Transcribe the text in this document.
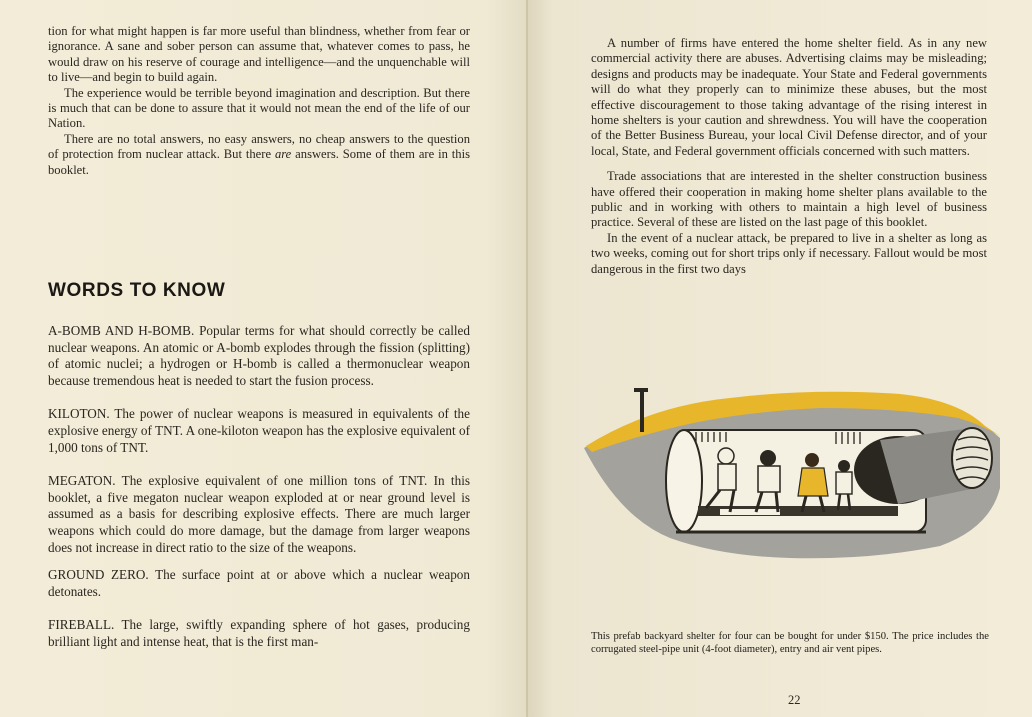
tion for what might happen is far more useful than blindness, whether from fear or ignorance. A sane and sober person can assume that, whatever comes to pass, he would draw on his reserve of courage and intelligence—and the unquenchable will to live—and begin to build again.

The experience would be terrible beyond imagination and description. But there is much that can be done to assure that it would not mean the end of the life of our Nation.

There are no total answers, no easy answers, no cheap answers to the question of protection from nuclear attack. But there are answers. Some of them are in this booklet.

WORDS TO KNOW

A-BOMB AND H-BOMB. Popular terms for what should correctly be called nuclear weapons. An atomic or A-bomb explodes through the fission (splitting) of atomic nuclei; a hydrogen or H-bomb is called a thermonuclear weapon because tremendous heat is needed to start the fusion process.

KILOTON. The power of nuclear weapons is measured in equivalents of the explosive energy of TNT. A one-kiloton weapon has the explosive equivalent of 1,000 tons of TNT.

MEGATON. The explosive equivalent of one million tons of TNT. In this booklet, a five megaton nuclear weapon exploded at or near ground level is assumed as a basis for describing explosive effects. There are much larger weapons which could do more damage, but the damage from larger weapons does not increase in direct ratio to the size of the weapons.

GROUND ZERO. The surface point at or above which a nuclear weapon detonates.

FIREBALL. The large, swiftly expanding sphere of hot gases, producing brilliant light and intense heat, that is the first man-

A number of firms have entered the home shelter field. As in any new commercial activity there are abuses. Advertising claims may be misleading; designs and products may be inadequate. Your State and Federal governments will do what they properly can to minimize these abuses, but the most effective discouragement to those taking advantage of the rising interest in home shelters is your caution and shrewdness. You will have the cooperation of the Better Business Bureau, your local Civil Defense director, and of your local, State, and Federal government officials concerned with such matters.

Trade associations that are interested in the shelter construction business have offered their cooperation in making home shelter plans available to the public and in working with others to maintain a high level of business practice. Several of these are listed on the last page of this booklet.

In the event of a nuclear attack, be prepared to live in a shelter as long as two weeks, coming out for short trips only if necessary. Fallout would be most dangerous in the first two days

This prefab backyard shelter for four can be bought for under $150. The price includes the corrugated steel-pipe unit (4-foot diameter), entry and air vent pipes.
22
